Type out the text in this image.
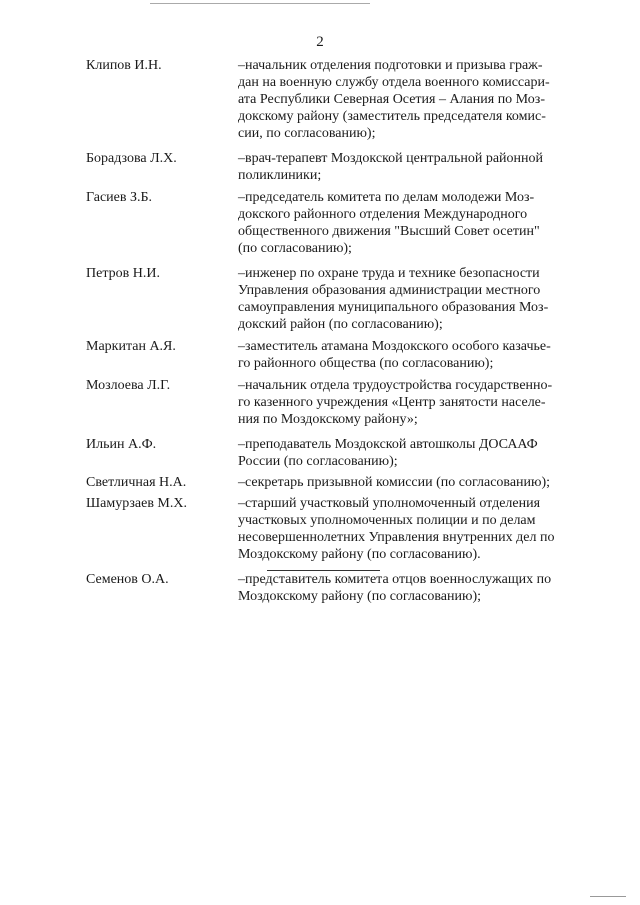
2
Клипов И.Н.	–начальник отделения подготовки и призыва граж-
дан на военную службу отдела военного комиссари-
ата Республики Северная Осетия – Алания по Моз-
докскому району (заместитель председателя комис-
сии, по согласованию);
Борадзова Л.Х.	–врач-терапевт Моздокской центральной районной
поликлиники;
Гасиев З.Б.	–председатель комитета по делам молодежи Моз-
докского районного отделения Международного
общественного движения "Высший Совет осетин"
(по согласованию);
Петров Н.И.	–инженер по охране труда и технике безопасности
Управления образования администрации местного
самоуправления муниципального образования Моз-
докский район (по согласованию);
Маркитан А.Я.	–заместитель атамана Моздокского особого казачье-
го районного общества (по согласованию);
Мозлоева Л.Г.	–начальник отдела трудоустройства государственно-
го казенного учреждения «Центр занятости населе-
ния по Моздокскому району»;
Ильин А.Ф.	–преподаватель Моздокской автошколы ДОСААФ
России (по согласованию);
Светличная Н.А.	–секретарь призывной комиссии (по согласованию);
Шамурзаев М.Х.	–старший участковый уполномоченный отделения
участковых уполномоченных полиции и по делам
несовершеннолетних Управления внутренних дел по
Моздокскому району (по согласованию).
Семенов О.А.	–представитель комитета отцов военнослужащих по
Моздокскому району (по согласованию);
